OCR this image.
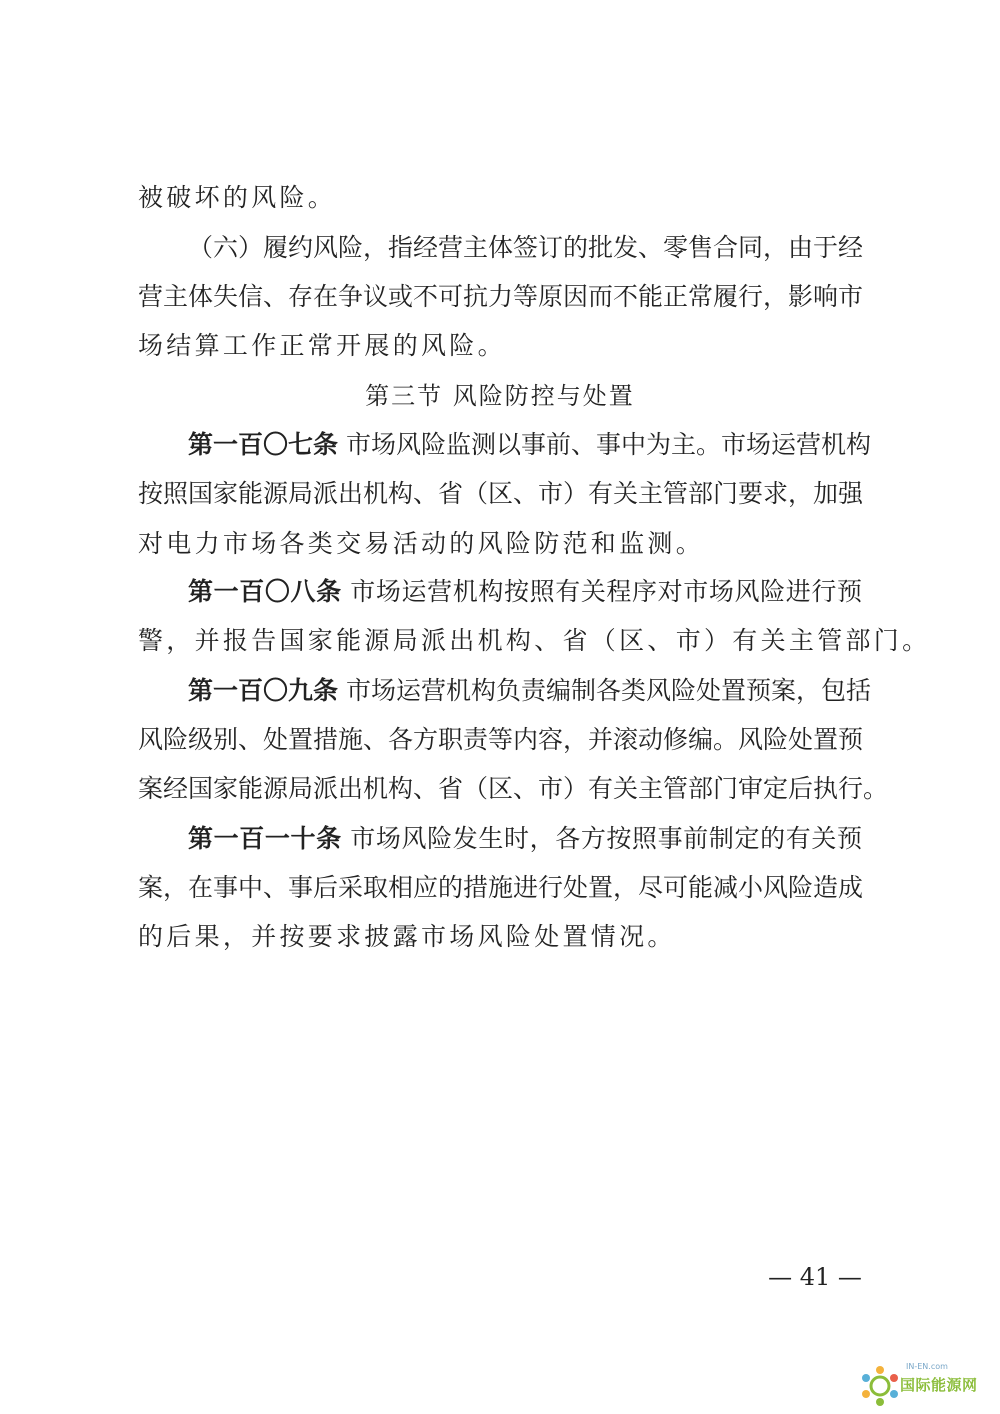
被破坏的风险。
（六）履约风险，指经营主体签订的批发、零售合同，由于经
营主体失信、存在争议或不可抗力等原因而不能正常履行，影响市
场结算工作正常开展的风险。
第三节 风险防控与处置
第一百〇七条 市场风险监测以事前、事中为主。市场运营机构
按照国家能源局派出机构、省（区、市）有关主管部门要求，加强
对电力市场各类交易活动的风险防范和监测。
第一百〇八条 市场运营机构按照有关程序对市场风险进行预
警，并报告国家能源局派出机构、省（区、市）有关主管部门。
第一百〇九条 市场运营机构负责编制各类风险处置预案，包括
风险级别、处置措施、各方职责等内容，并滚动修编。风险处置预
案经国家能源局派出机构、省（区、市）有关主管部门审定后执行。
第一百一十条 市场风险发生时，各方按照事前制定的有关预
案，在事中、事后采取相应的措施进行处置，尽可能减小风险造成
的后果，并按要求披露市场风险处置情况。
— 41 —
IN-EN.com
国际能源网
